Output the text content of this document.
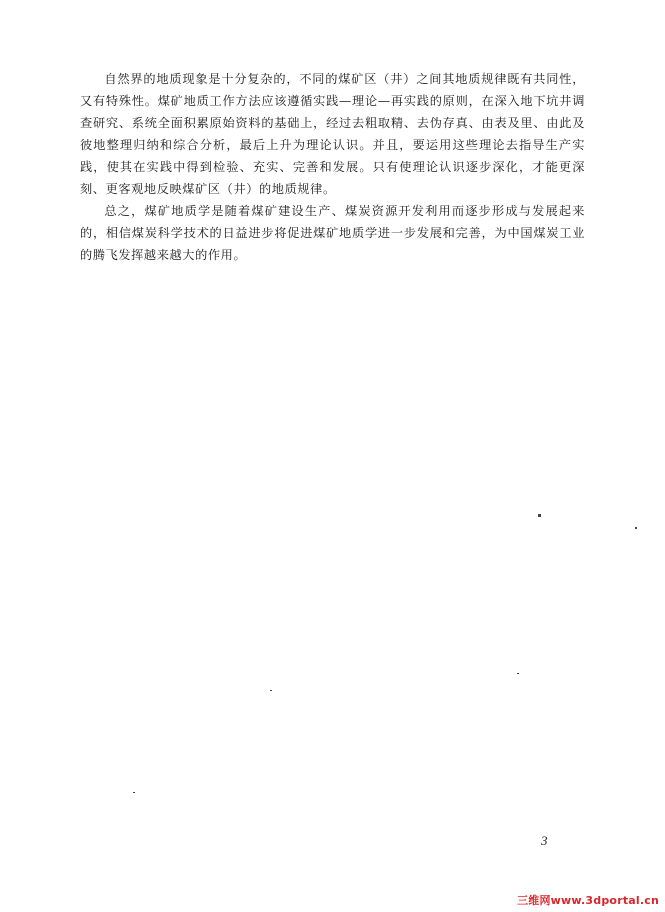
自然界的地质现象是十分复杂的，不同的煤矿区（井）之间其地质规律既有共同性，又有特殊性。煤矿地质工作方法应该遵循实践—理论—再实践的原则，在深入地下坑井调查研究、系统全面积累原始资料的基础上，经过去粗取精、去伪存真、由表及里、由此及彼地整理归纳和综合分析，最后上升为理论认识。并且，要运用这些理论去指导生产实践，使其在实践中得到检验、充实、完善和发展。只有使理论认识逐步深化，才能更深刻、更客观地反映煤矿区（井）的地质规律。

总之，煤矿地质学是随着煤矿建设生产、煤炭资源开发利用而逐步形成与发展起来的，相信煤炭科学技术的日益进步将促进煤矿地质学进一步发展和完善，为中国煤炭工业的腾飞发挥越来越大的作用。

3
三维网www.3dportal.cn
